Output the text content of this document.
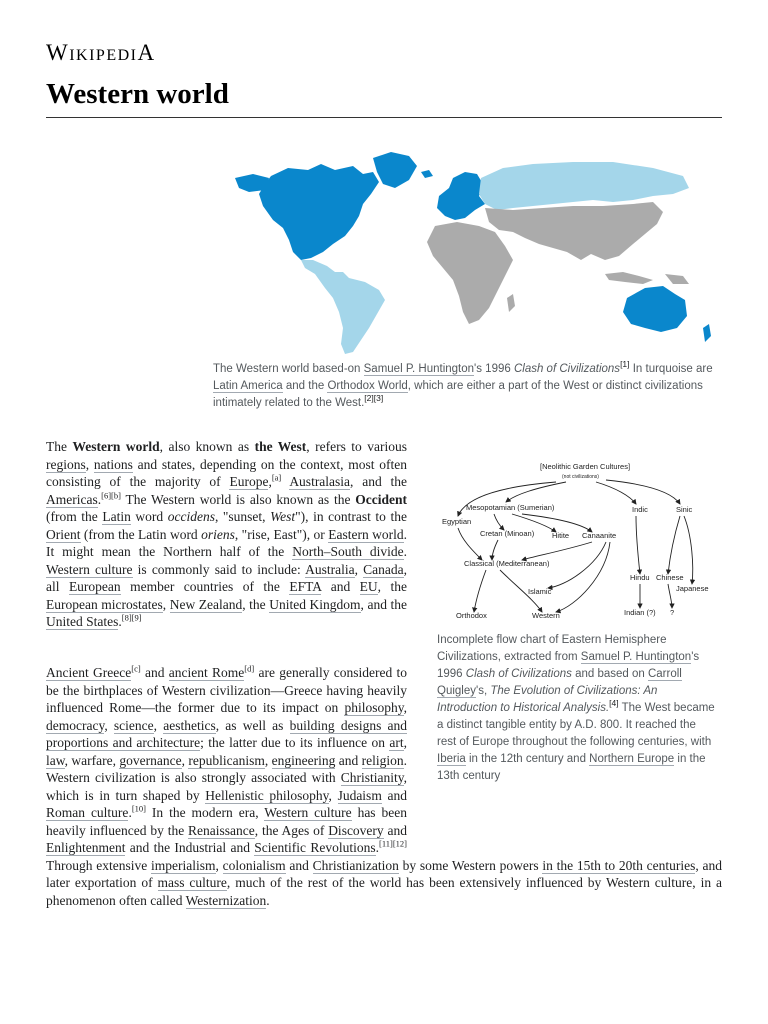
WikipediA
Western world
The Western world based-on Samuel P. Huntington's 1996 Clash of Civilizations[1] In turquoise are Latin America and the Orthodox World, which are either a part of the West or distinct civilizations intimately related to the West.[2][3]
[Neolithic Garden Cultures]
(not civilizations)
Mesopotamian (Sumerian)
Egyptian
Indic	Sinic
Cretan (Minoan) Hitite Canaanite
Classical (Mediterranean)
Hindu Chinese
Japanese
Islamic
Orthodox	Western	Indian (?) ?
Incomplete flow chart of Eastern Hemisphere Civilizations, extracted from Samuel P. Huntington's 1996 Clash of Civilizations and based on Carroll Quigley's, The Evolution of Civilizations: An Introduction to Historical Analysis.[4] The West became a distinct tangible entity by A.D. 800. It reached the rest of Europe throughout the following centuries, with Iberia in the 12th century and Northern Europe in the 13th century

The Western world, also known as the West, refers to various regions, nations and states, depending on the context, most often consisting of the majority of Europe,[a] Australasia, and the Americas.[6][b] The Western world is also known as the Occident (from the Latin word occidens, "sunset, West"), in contrast to the Orient (from the Latin word oriens, "rise, East"), or Eastern world. It might mean the Northern half of the North–South divide. Western culture is commonly said to include: Australia, Canada, all European member countries of the EFTA and EU, the European microstates, New Zealand, the United Kingdom, and the United States.[8][9]

Ancient Greece[c] and ancient Rome[d] are generally considered to be the birthplaces of Western civilization—Greece having heavily influenced Rome—the former due to its impact on philosophy, democracy, science, aesthetics, as well as building designs and proportions and architecture; the latter due to its influence on art, law, warfare, governance, republicanism, engineering and religion. Western civilization is also strongly associated with Christianity, which is in turn shaped by Hellenistic philosophy, Judaism and Roman culture.[10] In the modern era, Western culture has been heavily influenced by the Renaissance, the Ages of Discovery and Enlightenment and the Industrial and Scientific Revolutions.[11][12] Through extensive imperialism, colonialism and Christianization by some Western powers in the 15th to 20th centuries, and later exportation of mass culture, much of the rest of the world has been extensively influenced by Western culture, in a phenomenon often called Westernization.
